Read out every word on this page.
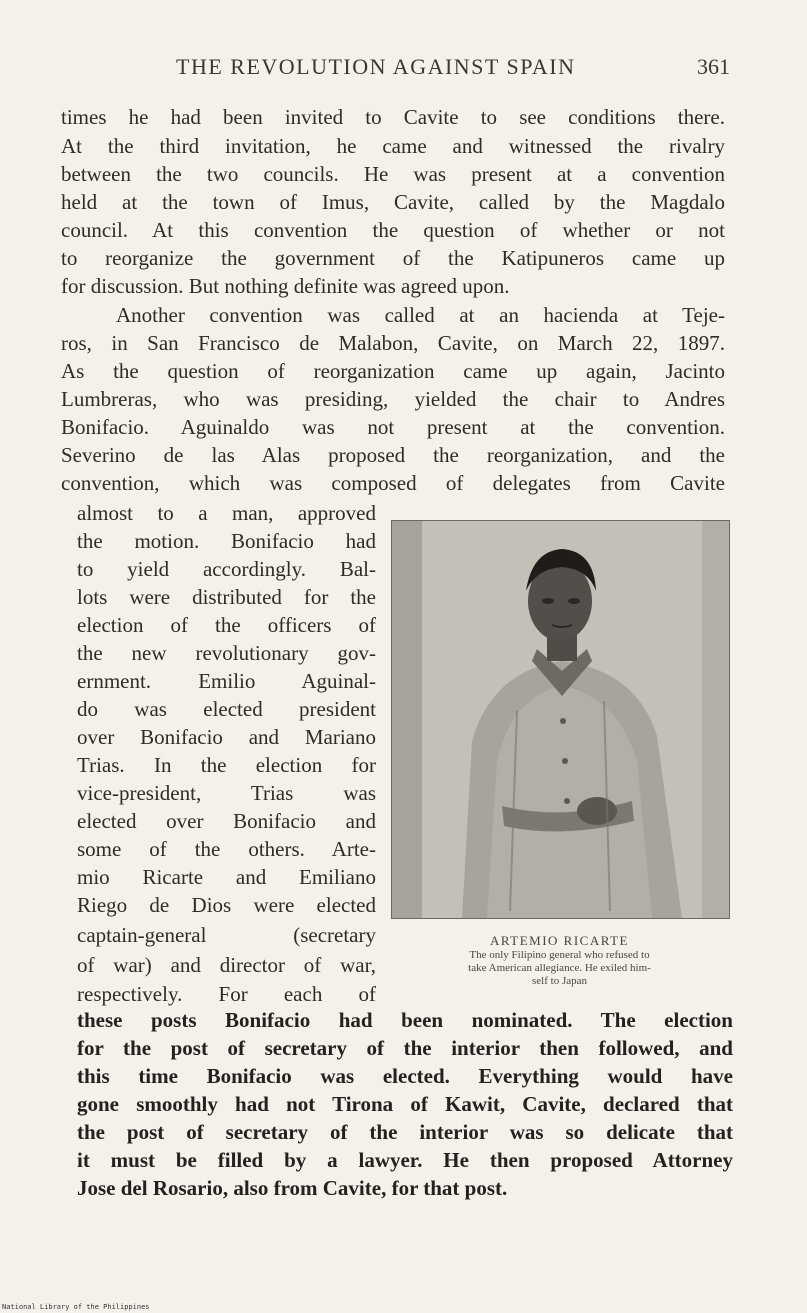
THE REVOLUTION AGAINST SPAIN	361
times he had been invited to Cavite to see conditions there.
At the third invitation, he came and witnessed the rivalry
between the two councils. He was present at a convention
held at the town of Imus, Cavite, called by the Magdalo
council. At this convention the question of whether or not
to reorganize the government of the Katipuneros came up
for discussion. But nothing definite was agreed upon.
Another convention was called at an hacienda at Teje-
ros, in San Francisco de Malabon, Cavite, on March 22, 1897.
As the question of reorganization came up again, Jacinto
Lumbreras, who was presiding, yielded the chair to Andres
Bonifacio. Aguinaldo was not present at the convention.
Severino de las Alas proposed the reorganization, and the
convention, which was composed of delegates from Cavite
almost to a man, approved
the motion. Bonifacio had
to yield accordingly. Bal-
lots were distributed for the
election of the officers of
the new revolutionary gov-
ernment. Emilio Aguinal-
do was elected president
over Bonifacio and Mariano
Trias. In the election for
vice-president, Trias was
elected over Bonifacio and
some of the others. Arte-
mio Ricarte and Emiliano
Riego de Dios were elected
captain-general (secretary
of war) and director of war,
respectively. For each of
ARTEMIO RICARTE
The only Filipino general who refused to
take American allegiance. He exiled him-
self to Japan
these posts Bonifacio had been nominated. The election
for the post of secretary of the interior then followed, and
this time Bonifacio was elected. Everything would have
gone smoothly had not Tirona of Kawit, Cavite, declared that
the post of secretary of the interior was so delicate that
it must be filled by a lawyer. He then proposed Attorney
Jose del Rosario, also from Cavite, for that post.
National Library of the Philippines
